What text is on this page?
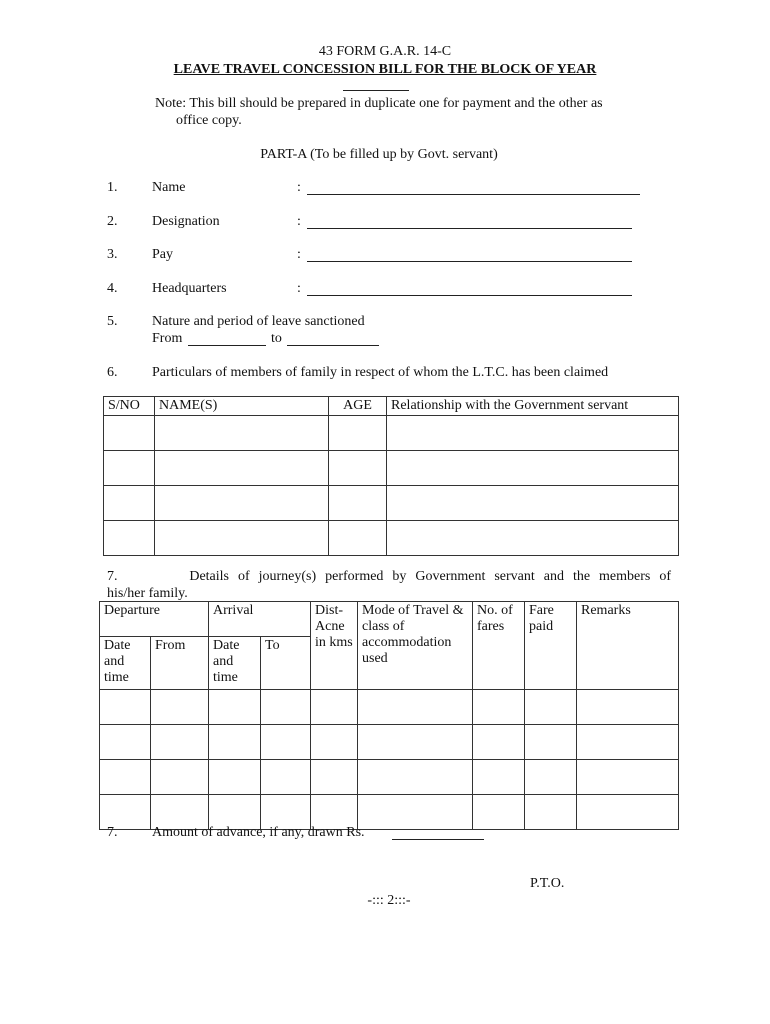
43 FORM G.A.R. 14-C
LEAVE TRAVEL CONCESSION BILL FOR THE BLOCK OF YEAR
Note: This bill should be prepared in duplicate one for payment and the other as
office copy.
PART-A (To be filled up by Govt. servant)
1. Name	:
2. Designation	:
3. Pay	:
4. Headquarters	:
5. Nature and period of leave sanctioned
From	to
6. Particulars of members of family in respect of whom the L.T.C. has been claimed
S/NO	NAME(S)	AGE	Relationship with the Government servant

7.        Details of journey(s) performed by Government servant and the members of
his/her family.
Departure		Arrival		Dist- Acne in kms	Mode of Travel & class of accommodation used	No. of fares	Fare paid	Remarks
Date and time	From	Date and time	To					

7. Amount of advance, if any, drawn Rs.
P.T.O.
-::: 2:::-
